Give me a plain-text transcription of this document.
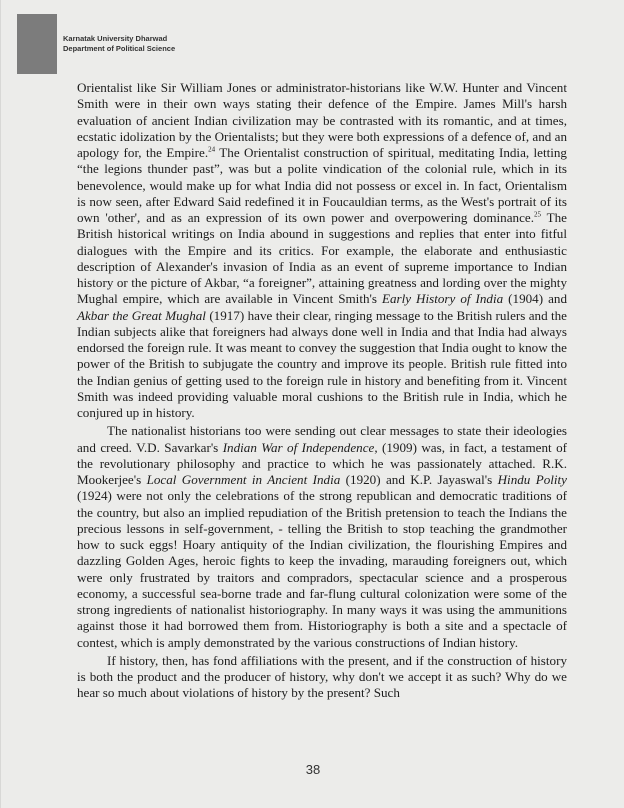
Karnatak University Dharwad
Department of Political Science

Orientalist like Sir William Jones or administrator-historians like W.W. Hunter and Vincent Smith were in their own ways stating their defence of the Empire. James Mill's harsh evaluation of ancient Indian civilization may be contrasted with its romantic, and at times, ecstatic idolization by the Orientalists; but they were both expressions of a defence of, and an apology for, the Empire.$^{24}$ The Orientalist construction of spiritual, meditating India, letting “the legions thunder past”, was but a polite vindication of the colonial rule, which in its benevolence, would make up for what India did not possess or excel in. In fact, Orientalism is now seen, after Edward Said redefined it in Foucauldian terms, as the West's portrait of its own 'other', and as an expression of its own power and overpowering dominance.$^{25}$ The British historical writings on India abound in suggestions and replies that enter into fitful dialogues with the Empire and its critics. For example, the elaborate and enthusiastic description of Alexander's invasion of India as an event of supreme importance to Indian history or the picture of Akbar, “a foreigner”, attaining greatness and lording over the mighty Mughal empire, which are available in Vincent Smith's Early History of India (1904) and Akbar the Great Mughal (1917) have their clear, ringing message to the British rulers and the Indian subjects alike that foreigners had always done well in India and that India had always endorsed the foreign rule. It was meant to convey the suggestion that India ought to know the power of the British to subjugate the country and improve its people. British rule fitted into the Indian genius of getting used to the foreign rule in history and benefiting from it. Vincent Smith was indeed providing valuable moral cushions to the British rule in India, which he conjured up in history.

The nationalist historians too were sending out clear messages to state their ideologies and creed. V.D. Savarkar's Indian War of Independence, (1909) was, in fact, a testament of the revolutionary philosophy and practice to which he was passionately attached. R.K. Mookerjee's Local Government in Ancient India (1920) and K.P. Jayaswal's Hindu Polity (1924) were not only the celebrations of the strong republican and democratic traditions of the country, but also an implied repudiation of the British pretension to teach the Indians the precious lessons in self-government, - telling the British to stop teaching the grandmother how to suck eggs! Hoary antiquity of the Indian civilization, the flourishing Empires and dazzling Golden Ages, heroic fights to keep the invading, marauding foreigners out, which were only frustrated by traitors and compradors, spectacular science and a prosperous economy, a successful sea-borne trade and far-flung cultural colonization were some of the strong ingredients of nationalist historiography. In many ways it was using the ammunitions against those it had borrowed them from. Historiography is both a site and a spectacle of contest, which is amply demonstrated by the various constructions of Indian history.

If history, then, has fond affiliations with the present, and if the construction of history is both the product and the producer of history, why don't we accept it as such? Why do we hear so much about violations of history by the present? Such

38
